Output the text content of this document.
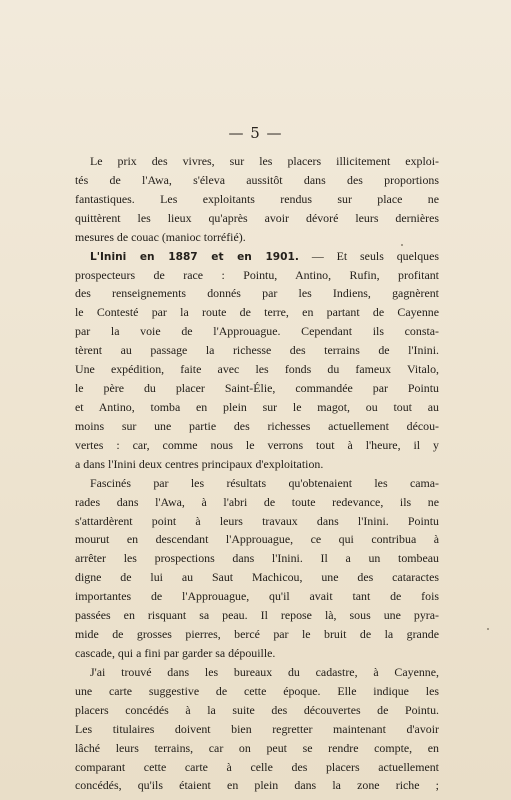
— 5 —
Le prix des vivres, sur les placers illicitement exploi-
tés de l'Awa, s'éleva aussitôt dans des proportions
fantastiques. Les exploitants rendus sur place ne
quittèrent les lieux qu'après avoir dévoré leurs dernières
mesures de couac (manioc torréfié).
L'Inini en 1887 et en 1901. — Et seuls quelques
prospecteurs de race : Pointu, Antino, Rufin, profitant
des renseignements donnés par les Indiens, gagnèrent
le Contesté par la route de terre, en partant de Cayenne
par la voie de l'Approuague. Cependant ils consta-
tèrent au passage la richesse des terrains de l'Inini.
Une expédition, faite avec les fonds du fameux Vitalo,
le père du placer Saint-Élie, commandée par Pointu
et Antino, tomba en plein sur le magot, ou tout au
moins sur une partie des richesses actuellement décou-
vertes : car, comme nous le verrons tout à l'heure, il y
a dans l'Inini deux centres principaux d'exploitation.
Fascinés par les résultats qu'obtenaient les cama-
rades dans l'Awa, à l'abri de toute redevance, ils ne
s'attardèrent point à leurs travaux dans l'Inini. Pointu
mourut en descendant l'Approuague, ce qui contribua à
arrêter les prospections dans l'Inini. Il a un tombeau
digne de lui au Saut Machicou, une des cataractes
importantes de l'Approuague, qu'il avait tant de fois
passées en risquant sa peau. Il repose là, sous une pyra-
mide de grosses pierres, bercé par le bruit de la grande
cascade, qui a fini par garder sa dépouille.
J'ai trouvé dans les bureaux du cadastre, à Cayenne,
une carte suggestive de cette époque. Elle indique les
placers concédés à la suite des découvertes de Pointu.
Les titulaires doivent bien regretter maintenant d'avoir
lâché leurs terrains, car on peut se rendre compte, en
comparant cette carte à celle des placers actuellement
concédés, qu'ils étaient en plein dans la zone riche ;
